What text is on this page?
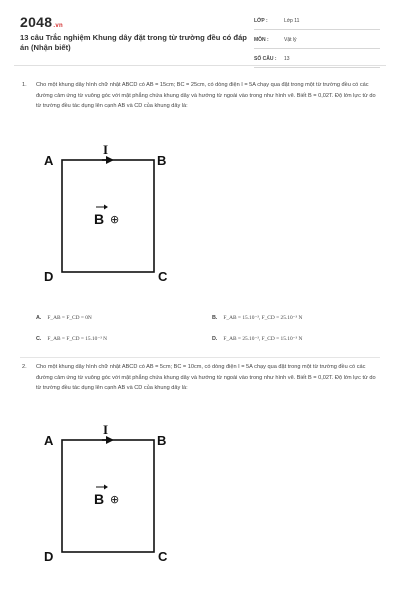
2048.vn
13 câu Trắc nghiệm Khung dây đặt trong từ trường đều có đáp án (Nhận biết)
LỚP :	Lớp 11
MÔN :	Vật lý
SỐ CÂU : 13
1. Cho một khung dây hình chữ nhật ABCD có AB = 15cm; BC = 25cm, có dòng điện I = 5A chạy qua đặt trong một từ trường đều có các đường cảm ứng từ vuông góc với mặt phẳng chứa khung dây và hướng từ ngoài vào trong như hình vẽ. Biết B = 0,02T. Độ lớn lực từ do từ trường đều tác dụng lên cạnh AB và CD của khung dây là:
A	B
C
D
I
B ⊕
A. F_AB = F_CD = 0N	B. F_AB = 15.10⁻³, F_CD = 25.10⁻³ N
C. F_AB = F_CD = 15.10⁻³ N	D. F_AB = 25.10⁻³, F_CD = 15.10⁻³ N
2. Cho một khung dây hình chữ nhật ABCD có AB = 5cm; BC = 10cm, có dòng điện I = 5A chạy qua đặt trong một từ trường đều có các đường cảm ứng từ vuông góc với mặt phẳng chứa khung dây và hướng từ ngoài vào trong như hình vẽ. Biết B = 0,02T. Độ lớn lực từ do từ trường đều tác dụng lên cạnh AB và CD của khung dây là:
A	B
C
D
I
B ⊕
